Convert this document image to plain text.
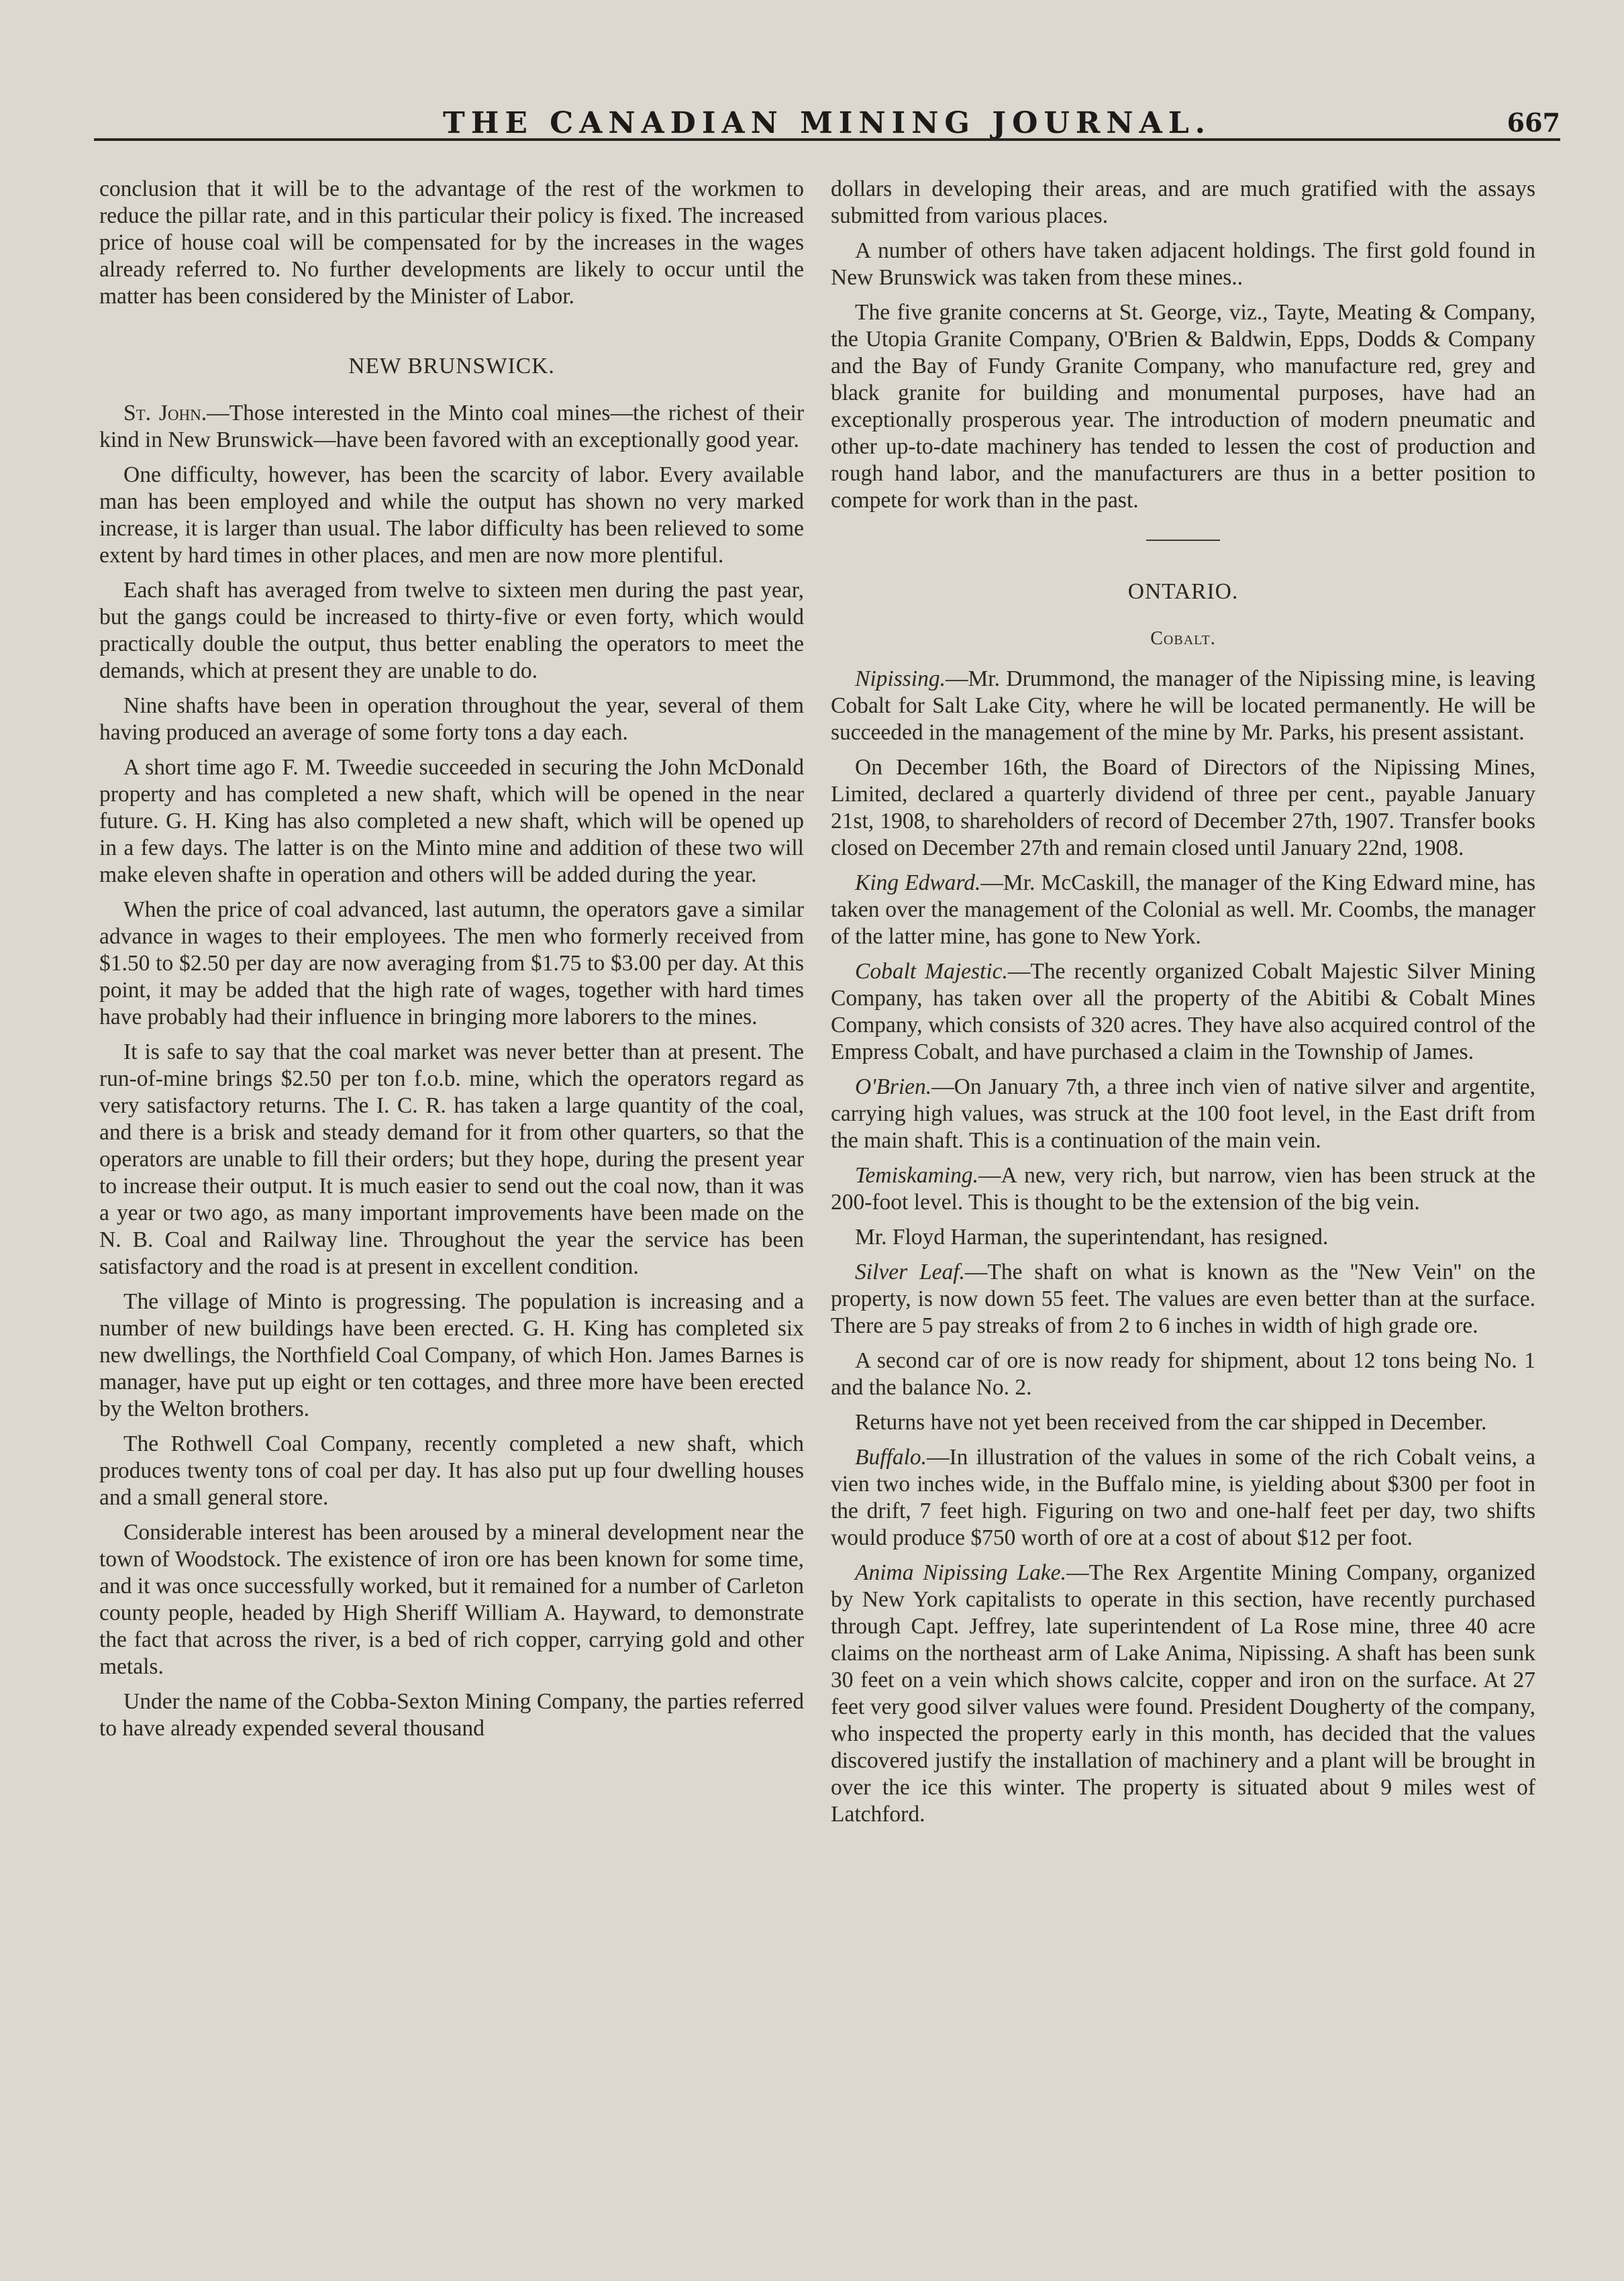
THE CANADIAN MINING JOURNAL.	667

conclusion that it will be to the advantage of the rest of the workmen to reduce the pillar rate, and in this particular their policy is fixed. The increased price of house coal will be compensated for by the increases in the wages already referred to. No further developments are likely to occur until the matter has been considered by the Minister of Labor.

NEW BRUNSWICK.

St. John.—Those interested in the Minto coal mines—the richest of their kind in New Brunswick—have been favored with an exceptionally good year.

One difficulty, however, has been the scarcity of labor. Every available man has been employed and while the output has shown no very marked increase, it is larger than usual. The labor difficulty has been relieved to some extent by hard times in other places, and men are now more plentiful.

Each shaft has averaged from twelve to sixteen men during the past year, but the gangs could be increased to thirty-five or even forty, which would practically double the output, thus better enabling the operators to meet the demands, which at present they are unable to do.

Nine shafts have been in operation throughout the year, several of them having produced an average of some forty tons a day each.

A short time ago F. M. Tweedie succeeded in securing the John McDonald property and has completed a new shaft, which will be opened in the near future. G. H. King has also completed a new shaft, which will be opened up in a few days. The latter is on the Minto mine and addition of these two will make eleven shafte in operation and others will be added during the year.

When the price of coal advanced, last autumn, the operators gave a similar advance in wages to their employees. The men who formerly received from $1.50 to $2.50 per day are now averaging from $1.75 to $3.00 per day. At this point, it may be added that the high rate of wages, together with hard times have probably had their influence in bringing more laborers to the mines.

It is safe to say that the coal market was never better than at present. The run-of-mine brings $2.50 per ton f.o.b. mine, which the operators regard as very satisfactory returns. The I. C. R. has taken a large quantity of the coal, and there is a brisk and steady demand for it from other quarters, so that the operators are unable to fill their orders; but they hope, during the present year to increase their output. It is much easier to send out the coal now, than it was a year or two ago, as many important improvements have been made on the N. B. Coal and Railway line. Throughout the year the service has been satisfactory and the road is at present in excellent condition.

The village of Minto is progressing. The population is increasing and a number of new buildings have been erected. G. H. King has completed six new dwellings, the Northfield Coal Company, of which Hon. James Barnes is manager, have put up eight or ten cottages, and three more have been erected by the Welton brothers.

The Rothwell Coal Company, recently completed a new shaft, which produces twenty tons of coal per day. It has also put up four dwelling houses and a small general store.

Considerable interest has been aroused by a mineral development near the town of Woodstock. The existence of iron ore has been known for some time, and it was once successfully worked, but it remained for a number of Carleton county people, headed by High Sheriff William A. Hayward, to demonstrate the fact that across the river, is a bed of rich copper, carrying gold and other metals.

Under the name of the Cobba-Sexton Mining Company, the parties referred to have already expended several thousand

dollars in developing their areas, and are much gratified with the assays submitted from various places.

A number of others have taken adjacent holdings. The first gold found in New Brunswick was taken from these mines..

The five granite concerns at St. George, viz., Tayte, Meating & Company, the Utopia Granite Company, O'Brien & Baldwin, Epps, Dodds & Company and the Bay of Fundy Granite Company, who manufacture red, grey and black granite for building and monumental purposes, have had an exceptionally prosperous year. The introduction of modern pneumatic and other up-to-date machinery has tended to lessen the cost of production and rough hand labor, and the manufacturers are thus in a better position to compete for work than in the past.

ONTARIO.
Cobalt.

Nipissing.—Mr. Drummond, the manager of the Nipissing mine, is leaving Cobalt for Salt Lake City, where he will be located permanently. He will be succeeded in the management of the mine by Mr. Parks, his present assistant.

On December 16th, the Board of Directors of the Nipissing Mines, Limited, declared a quarterly dividend of three per cent., payable January 21st, 1908, to shareholders of record of December 27th, 1907. Transfer books closed on December 27th and remain closed until January 22nd, 1908.

King Edward.—Mr. McCaskill, the manager of the King Edward mine, has taken over the management of the Colonial as well. Mr. Coombs, the manager of the latter mine, has gone to New York.

Cobalt Majestic.—The recently organized Cobalt Majestic Silver Mining Company, has taken over all the property of the Abitibi & Cobalt Mines Company, which consists of 320 acres. They have also acquired control of the Empress Cobalt, and have purchased a claim in the Township of James.

O'Brien.—On January 7th, a three inch vien of native silver and argentite, carrying high values, was struck at the 100 foot level, in the East drift from the main shaft. This is a continuation of the main vein.

Temiskaming.—A new, very rich, but narrow, vien has been struck at the 200-foot level. This is thought to be the extension of the big vein.

Mr. Floyd Harman, the superintendant, has resigned.

Silver Leaf.—The shaft on what is known as the ''New Vein'' on the property, is now down 55 feet. The values are even better than at the surface. There are 5 pay streaks of from 2 to 6 inches in width of high grade ore.

A second car of ore is now ready for shipment, about 12 tons being No. 1 and the balance No. 2.

Returns have not yet been received from the car shipped in December.

Buffalo.—In illustration of the values in some of the rich Cobalt veins, a vien two inches wide, in the Buffalo mine, is yielding about $300 per foot in the drift, 7 feet high. Figuring on two and one-half feet per day, two shifts would produce $750 worth of ore at a cost of about $12 per foot.

Anima Nipissing Lake.—The Rex Argentite Mining Company, organized by New York capitalists to operate in this section, have recently purchased through Capt. Jeffrey, late superintendent of La Rose mine, three 40 acre claims on the northeast arm of Lake Anima, Nipissing. A shaft has been sunk 30 feet on a vein which shows calcite, copper and iron on the surface. At 27 feet very good silver values were found. President Dougherty of the company, who inspected the property early in this month, has decided that the values discovered justify the installation of machinery and a plant will be brought in over the ice this winter. The property is situated about 9 miles west of Latchford.
